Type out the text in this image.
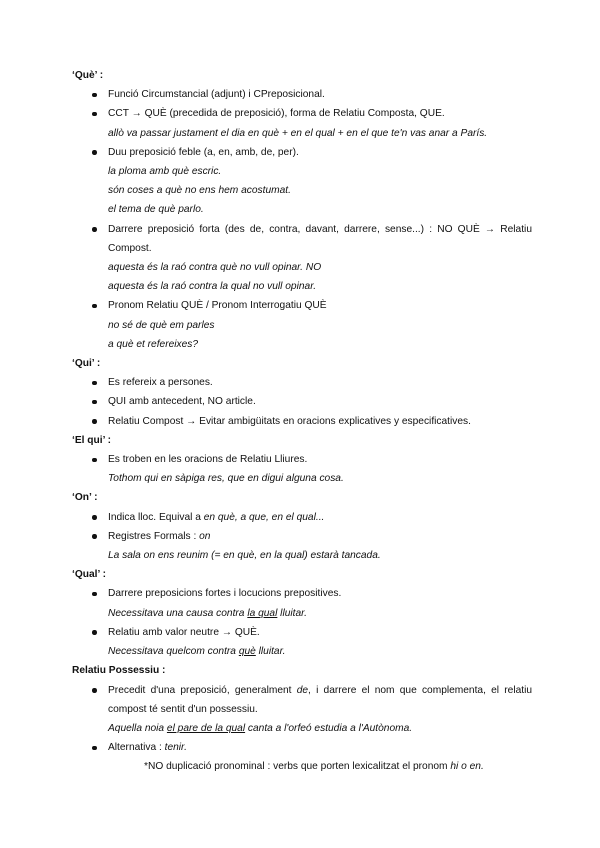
‘Què’ :

Funció Circumstancial (adjunt) i CPreposicional.
CCT → QUÈ (precedida de preposició), forma de Relatiu Composta, QUE.
allò va passar justament el dia en què + en el qual + en el que te'n vas anar a París.
Duu preposició feble (a, en, amb, de, per).
la ploma amb què escric.
són coses a què no ens hem acostumat.
el tema de què parlo.
Darrere preposició forta (des de, contra, davant, darrere, sense...) : NO QUÈ → Relatiu Compost.
aquesta és la raó contra què no vull opinar. NO
aquesta és la raó contra la qual no vull opinar.
Pronom Relatiu QUÈ / Pronom Interrogatiu QUÈ
no sé de què em parles
a què et refereixes?

‘Qui’ :

Es refereix a persones.
QUI amb antecedent, NO article.
Relatiu Compost → Evitar ambigüitats en oracions explicatives y especificatives.

‘El qui’ :

Es troben en les oracions de Relatiu Lliures.
Tothom qui en sàpiga res, que en digui alguna cosa.

‘On’ :

Indica lloc. Equival a en què, a que, en el qual...
Registres Formals : on
La sala on ens reunim (= en què, en la qual) estarà tancada.

‘Qual’ :

Darrere preposicions fortes i locucions prepositives.
Necessitava una causa contra la qual lluitar.
Relatiu amb valor neutre → QUÈ.
Necessitava quelcom contra què lluitar.

Relatiu Possessiu :

Precedit d'una preposició, generalment de, i darrere el nom que complementa, el relatiu compost té sentit d'un possessiu.
Aquella noia el pare de la qual canta a l'orfeó estudia a l'Autònoma.
Alternativa : tenir.
*NO duplicació pronominal : verbs que porten lexicalitzat el pronom hi o en.
